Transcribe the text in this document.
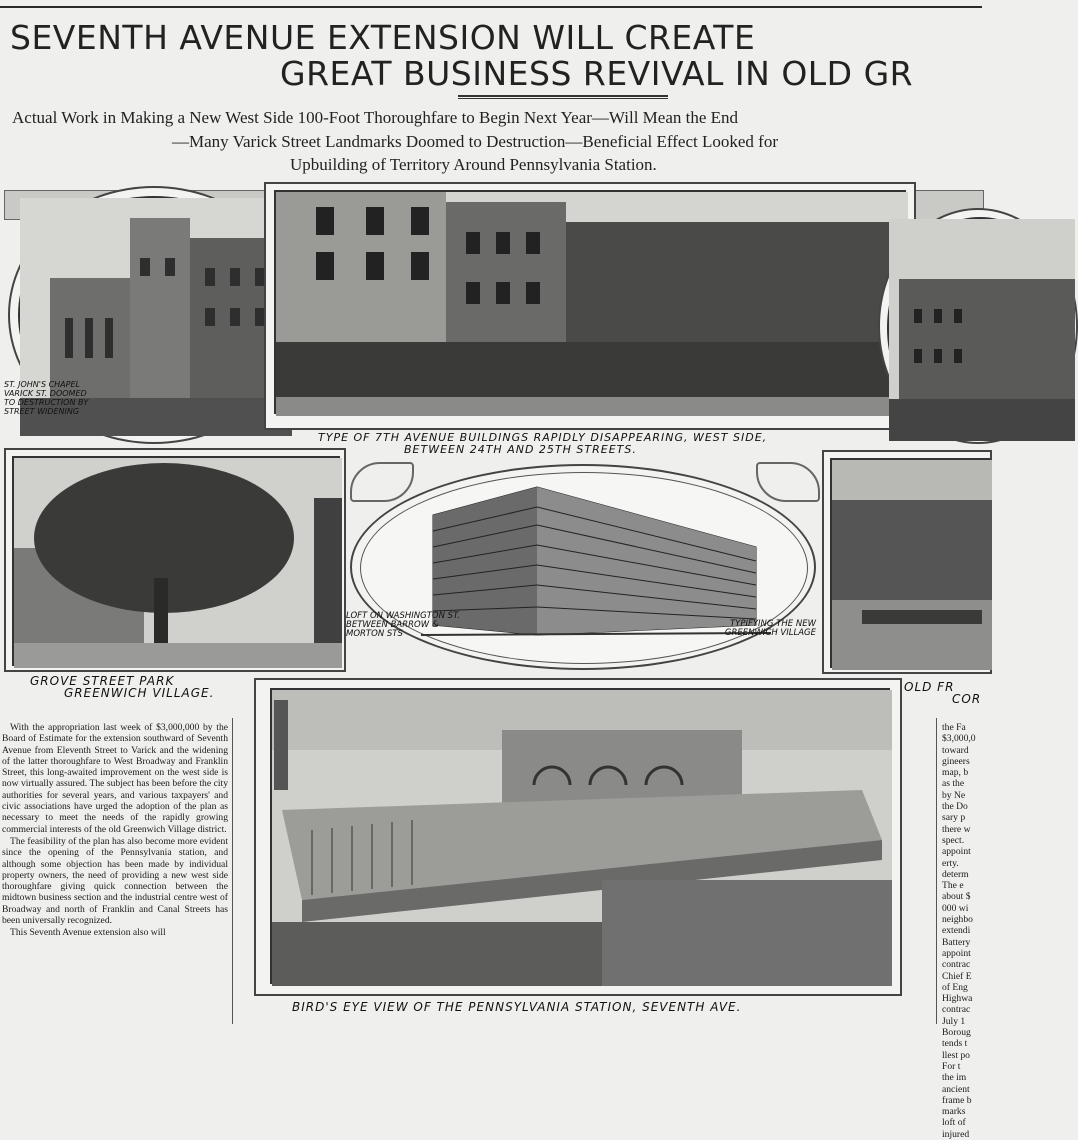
SEVENTH AVENUE EXTENSION WILL CREATE
GREAT BUSINESS REVIVAL IN OLD GR
Actual Work in Making a New West Side 100-Foot Thoroughfare to Begin Next Year—Will Mean the End
—Many Varick Street Landmarks Doomed to Destruction—Beneficial Effect Looked for
Upbuilding of Territory Around Pennsylvania Station.
ST. JOHN'S CHAPEL VARICK ST. DOOMED TO DESTRUCTION BY STREET WIDENING
TYPE OF 7TH AVENUE BUILDINGS RAPIDLY DISAPPEARING, WEST SIDE,
BETWEEN 24TH AND 25TH STREETS.
GROVE STREET PARK
GREENWICH VILLAGE.
LOFT ON WASHINGTON ST. BETWEEN BARROW & MORTON STS
TYPIFYING THE NEW GREENWICH VILLAGE
OLD FR
COR
BIRD'S EYE VIEW OF THE PENNSYLVANIA STATION, SEVENTH AVE.

With the appropriation last week of $3,000,000 by the Board of Estimate for the extension southward of Seventh Avenue from Eleventh Street to Varick and the widening of the latter thoroughfare to West Broadway and Franklin Street, this long-awaited improvement on the west side is now virtually assured. The subject has been before the city authorities for several years, and various taxpayers' and civic associations have urged the adoption of the plan as necessary to meet the needs of the rapidly growing commercial interests of the old Greenwich Village district.

The feasibility of the plan has also become more evident since the opening of the Pennsylvania station, and although some objection has been made by individual property owners, the need of providing a new west side thoroughfare giving quick connection between the midtown business section and the industrial centre west of Broadway and north of Franklin and Canal Streets has been universally recognized.

This Seventh Avenue extension also will

the Fa
$3,000,0
toward
gineers
map, b
as the
by Ne
the Do
sary p
there w
spect.
appoint
erty.
determ
The e
about $
000 wi
neighbo
extendi
Battery
appoint
contrac
Chief E
of Eng
Highwa
contrac
July 1
Boroug
tends t
llest po
For t
the im
ancient
frame b
marks
loft of
injured
